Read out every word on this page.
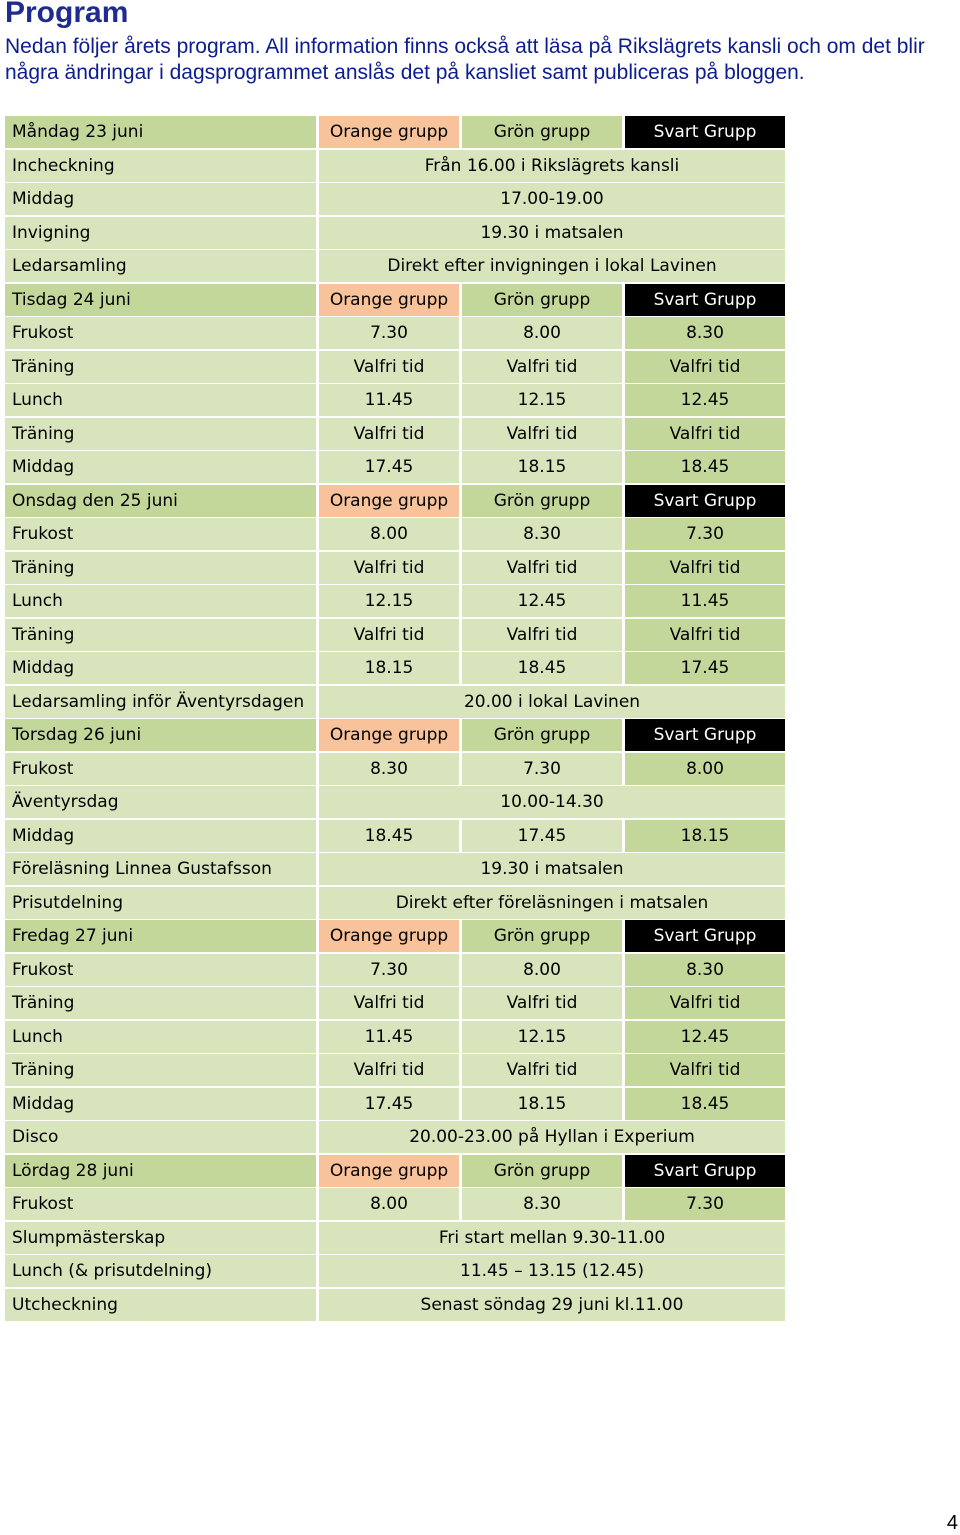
Program

Nedan följer årets program. All information finns också att läsa på Rikslägrets kansli och om det blir några ändringar i dagsprogrammet anslås det på kansliet samt publiceras på bloggen.

Måndag 23 juni	Orange grupp	Grön grupp	Svart Grupp
Incheckning	Från 16.00 i Rikslägrets kansli
Middag	17.00-19.00
Invigning	19.30 i matsalen
Ledarsamling	Direkt efter invigningen i lokal Lavinen
Tisdag 24 juni	Orange grupp	Grön grupp	Svart Grupp
Frukost	7.30	8.00	8.30
Träning	Valfri tid	Valfri tid	Valfri tid
Lunch	11.45	12.15	12.45
Träning	Valfri tid	Valfri tid	Valfri tid
Middag	17.45	18.15	18.45
Onsdag den 25 juni	Orange grupp	Grön grupp	Svart Grupp
Frukost	8.00	8.30	7.30
Träning	Valfri tid	Valfri tid	Valfri tid
Lunch	12.15	12.45	11.45
Träning	Valfri tid	Valfri tid	Valfri tid
Middag	18.15	18.45	17.45
Ledarsamling inför Äventyrsdagen	20.00 i lokal Lavinen
Torsdag 26 juni	Orange grupp	Grön grupp	Svart Grupp
Frukost	8.30	7.30	8.00
Äventyrsdag	10.00-14.30
Middag	18.45	17.45	18.15
Föreläsning Linnea Gustafsson	19.30 i matsalen
Prisutdelning	Direkt efter föreläsningen i matsalen
Fredag 27 juni	Orange grupp	Grön grupp	Svart Grupp
Frukost	7.30	8.00	8.30
Träning	Valfri tid	Valfri tid	Valfri tid
Lunch	11.45	12.15	12.45
Träning	Valfri tid	Valfri tid	Valfri tid
Middag	17.45	18.15	18.45
Disco	20.00-23.00 på Hyllan i Experium
Lördag 28 juni	Orange grupp	Grön grupp	Svart Grupp
Frukost	8.00	8.30	7.30
Slumpmästerskap	Fri start mellan 9.30-11.00
Lunch (& prisutdelning)	11.45 – 13.15 (12.45)
Utcheckning	Senast söndag 29 juni kl.11.00
4
